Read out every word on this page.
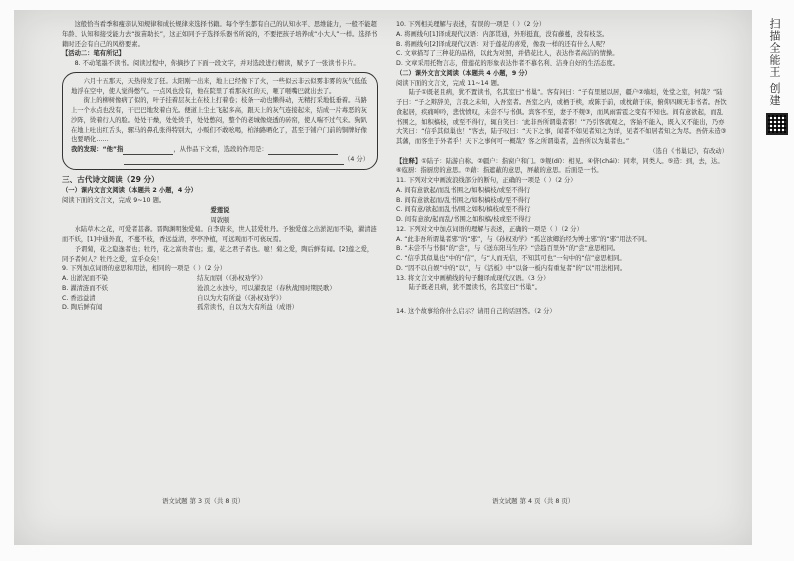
这般恰当看季和瘦亲认知规律和成长规律来选择书籍。每个学生都有自己的认知水平、思维能力，一般不能超年龄、认知和接受能力去“拔苗助长”，这正如同予子选择乐器书所说的，不要把孩子培养成“小大人”一样。选择书籍时还会有自己的风格要素。

【活动二：笔有所记】

8. 不动笔墨不读书。阅读过程中，你摘抄了下面一段文字，并对选段进行精读，赋予了一张读书卡片。

六月十五那天，天热得发了狂。太阳刚一出来，地上已经像下了火，一些似云非云似雾非雾的灰气低低地浮在空中，使人觉得憋气。一点风也没有，他在院里了看那灰红的天，咂了咂嘴巴就出去了。

街上的柳树像病了似的，叶子挂着层灰土在枝上打着卷；枝条一动也懒得动，无精打采地低垂着。马路上一个水点也没有，干巴巴地发着白光。便道上尘土飞起多高，跟天上的灰气连接起来，结成一片毒恶的灰沙阵，烫着行人的脸。处处干燥，处处烫手，处处憋闷，整个的老城像烧透的砖窑，使人喘不过气来。狗趴在地上吐出红舌头，骡马的鼻孔张得特别大，小贩们不敢吆喝，柏油路晒化了，甚至于铺户门前的铜牌好像也要晒化……

我的发现：“他”指	，从作品下文看，选段的作用是：

（4 分）

三、古代诗文阅读（29 分）

（一）课内文言文阅读（本题共 2 小题，4 分）

阅读下面的文言文，完成 9~10 题。

爱莲说

周敦颐

水陆草木之花，可爱者甚蕃。晋陶渊明独爱菊。自李唐来，世人甚爱牡丹。予独爱莲之出淤泥而不染，濯清涟而不妖，[1]中通外直，不蔓不枝，香远益清，亭亭净植，可远观而不可亵玩焉。

予谓菊，花之隐逸者也；牡丹，花之富贵者也；莲，花之君子者也。噫！菊之爱，陶后鲜有闻。[2]莲之爱，同予者何人？牡丹之爱，宜乎众矣！

9. 下列加点词语的意思和用法，相同的一项是（ ）（2 分）

A. 出淤泥而不染	结友而别（《孙权劝学》）
B. 濯清涟而不妖	沧浪之水浊兮，可以濯我足（春秋战国时期民歌）
C. 香远益清	自以为大有所益（《孙权劝学》）
D. 陶后鲜有闻	孤常读书，自以为大有所益（成语）

10. 下列相关理解与表述，有误的一项是（ ）（2 分）

A. 将画线句[1]译成现代汉语：内部贯通，外形挺直，没有藤蔓，没有枝茎。

B. 将画线句[2]译成现代汉语：对于莲花的喜爱，像我一样的还有什么人呢？

C. 文章描写了三种花的品格，以此为对照，并借花比人，表达作者高洁的情操。

D. 文章采用托物言志，借莲花的形象表达作者不慕名利、洁身自好的生活态度。

（二）课外文言文阅读（本题共 4 小题，9 分）

阅读下面的文言文，完成 11~14 题。

陆子①既老且病，犹不置读书，名其室曰“书巢”。客有问曰：“子有里屋以居，疆户②墙垣，处堂之室，何哉？”陆子曰：“子之辩辞美，言我之未知，入吾室者。吾室之内，或栖于椟，或陈于前，或枕藉于床，俯仰四顾无非书者。吾饮食起居，疾痛呻吟，悲忧愤叹，未尝不与书俱。宾客不至，妻子不觌③，而风雨雷雹之变有不知也。间有意欲起，而乱书围之，如积槁枝，或至不得行，辄自笑曰：‘此非吾所谓巢者邪！’”乃引客就观之，客始不能入，既入又不能出，乃亦大笑曰：“信乎其似巢也！”客去，陆子叹曰：“天下之事，闻者不如见者知之为详，见者不如居者知之为尽。吾侪未造③其藩，而客坐于外者乎！天下之事何可一概哉？客之所谓巢者，盖吾所以为巢者也。”

（选自《书巢记》，有改动）

【注释】①陆子：陆游自称。②疆户：指窗户和门。③觌(dí)：相见。④侪(chái)：同辈，同类人。⑤造：到，去，达。⑥庖厨：指厨房的意思。⑦藉：指遮蔽的意思，屏蔽的意思。后面是一书。

11. 下列对文中画波浪线部分的断句，正确的一项是（ ）（2 分）

A. 间有意欲起/而乱书围之/如积槁枝/或至不得行

B. 间有意欲起而/乱书围之/如积槁枝或/至不得行

C. 间有意/欲起而乱书/围之如积/槁枝或至不得行

D. 间有意欲/起而乱/书围之如积槁/枝或至不得行

12. 下列对文中加点词语的理解与表述，正确的一项是（ ）（2 分）

A. “此非吾所谓巢者邪”的“邪”，与《孙权劝学》“孤岂欲卿治经为博士邪”的“邪”用法不同。

B. “未尝不与书俱”的“尝”，与《送东阳马生序》“尝趋百里外”的“尝”意思相同。

C. “信乎其似巢也”中的“信”，与“人而无信，不知其可也”一句中的“信”意思相同。

D. “因不以自娱”中的“以”，与《活板》中“以备一板内有重复者”的“以”用法相同。

13. 将文言文中画横线的句子翻译成现代汉语。（3 分）

陆子既老且病，犹不置读书，名其室曰“书巢”。

14. 这个故事给你什么启示？请用自己的话回答。（2 分）

语文试题 第 3 页（共 8 页）	语文试题 第 4 页（共 8 页）
扫描全能王 创建
